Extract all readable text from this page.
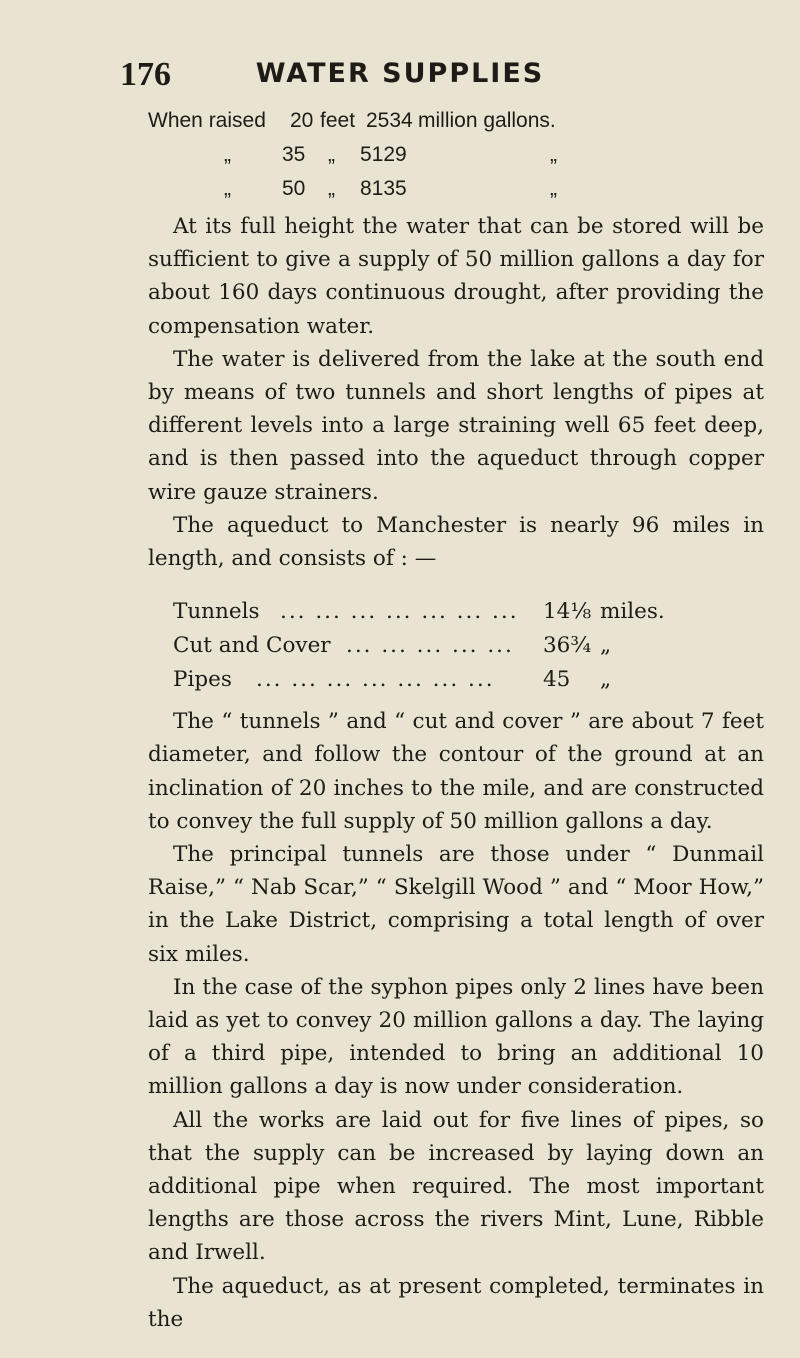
176	WATER SUPPLIES
When raised 20 feet 2534 million gallons.
„ 35 „ 5129	„
„ 50 „ 8135	„

At its full height the water that can be stored will be sufficient to give a supply of 50 million gallons a day for about 160 days continuous drought, after providing the compensation water.

The water is delivered from the lake at the south end by means of two tunnels and short lengths of pipes at different levels into a large straining well 65 feet deep, and is then passed into the aqueduct through copper wire gauze strainers.

The aqueduct to Manchester is nearly 96 miles in length, and consists of : —

Tunnels ... ... ... ... ... ... ... 14⅛ miles.
Cut and Cover ... ... ... ... ... 36¾ „
Pipes ... ... ... ... ... ... ... 45 „

The “ tunnels ” and “ cut and cover ” are about 7 feet diameter, and follow the contour of the ground at an inclination of 20 inches to the mile, and are constructed to convey the full supply of 50 million gallons a day.

The principal tunnels are those under “ Dunmail Raise,” “ Nab Scar,” “ Skelgill Wood ” and “ Moor How,” in the Lake District, comprising a total length of over six miles.

In the case of the syphon pipes only 2 lines have been laid as yet to convey 20 million gallons a day. The laying of a third pipe, intended to bring an additional 10 million gallons a day is now under consideration.

All the works are laid out for five lines of pipes, so that the supply can be increased by laying down an additional pipe when required. The most important lengths are those across the rivers Mint, Lune, Ribble and Irwell.

The aqueduct, as at present completed, terminates in the
